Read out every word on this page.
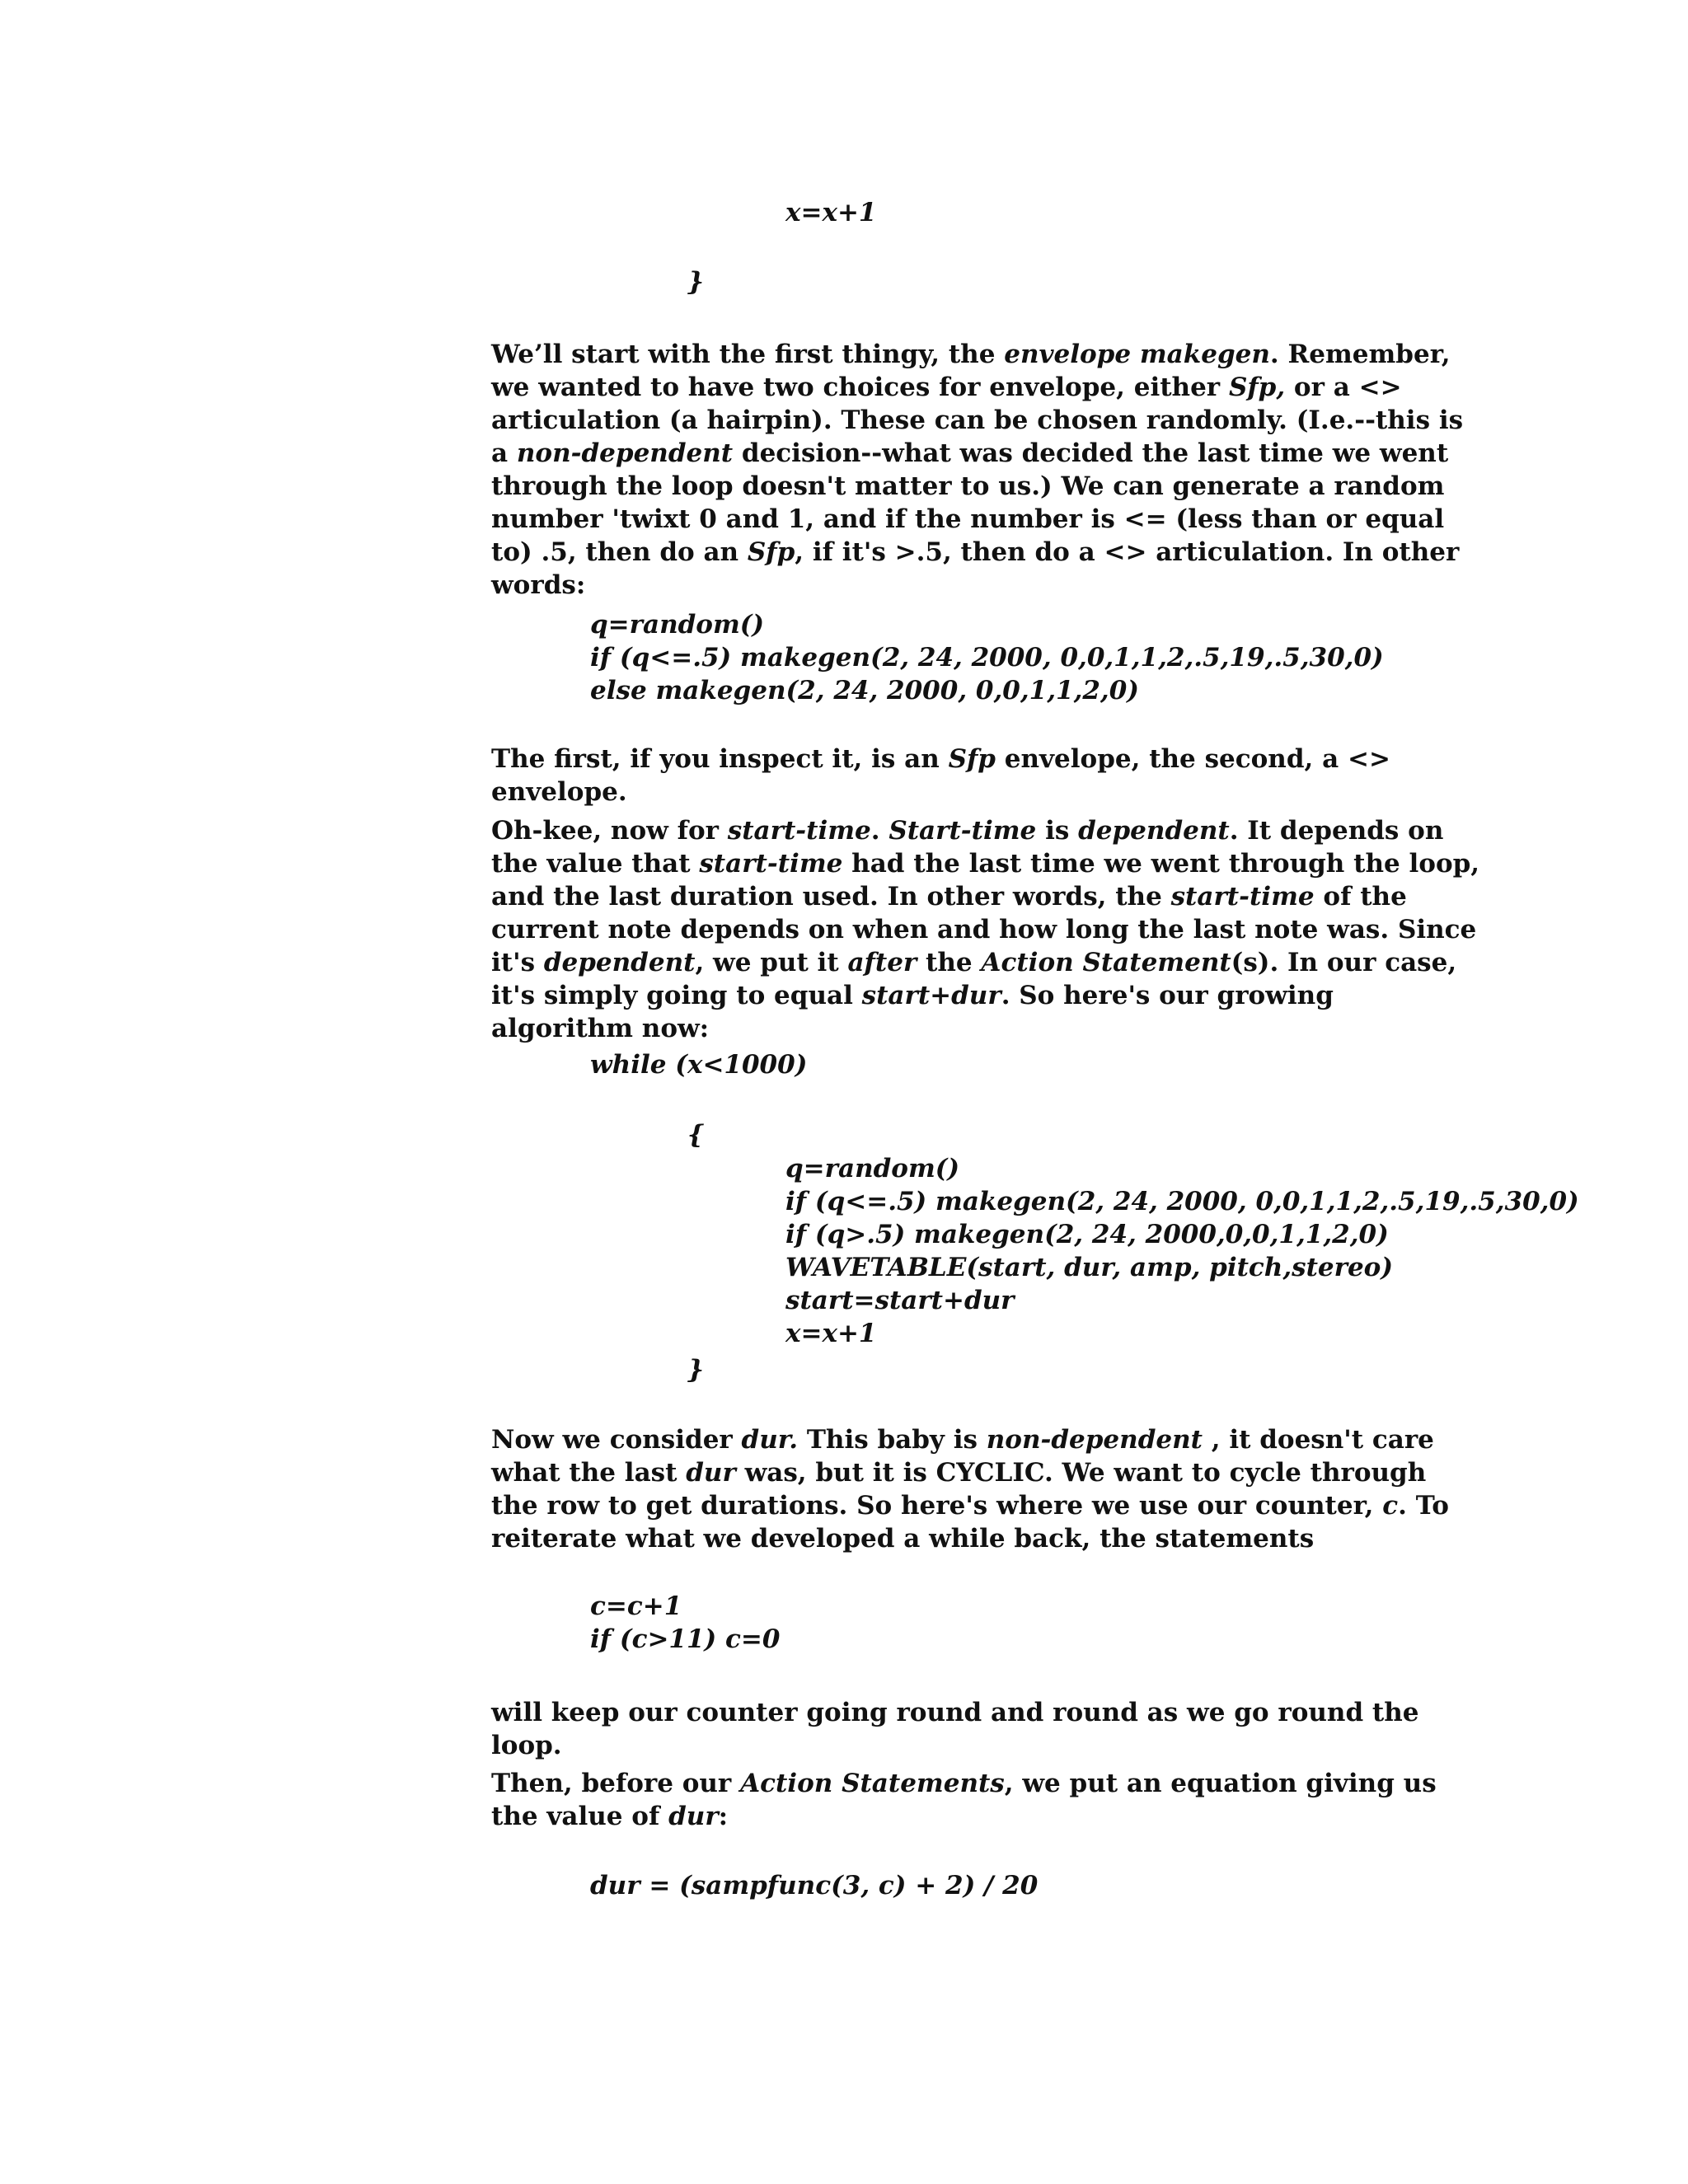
x=x+1
}

We’ll start with the first thingy, the envelope makegen. Remember, we wanted to have two choices for envelope, either Sfp, or a <> articulation (a hairpin). These can be chosen randomly. (I.e.--this is a non-dependent decision--what was decided the last time we went through the loop doesn't matter to us.) We can generate a random number 'twixt 0 and 1, and if the number is <= (less than or equal to) .5, then do an Sfp, if it's >.5, then do a <> articulation. In other words:

q=random()
if (q<=.5) makegen(2, 24, 2000, 0,0,1,1,2,.5,19,.5,30,0)
else makegen(2, 24, 2000, 0,0,1,1,2,0)

The first, if you inspect it, is an Sfp envelope, the second, a <> envelope.

Oh-kee, now for start-time. Start-time is dependent. It depends on the value that start-time had the last time we went through the loop, and the last duration used. In other words, the start-time of the current note depends on when and how long the last note was. Since it's dependent, we put it after the Action Statement(s). In our case, it's simply going to equal start+dur. So here's our growing algorithm now:

while (x<1000)
{
q=random()
if (q<=.5) makegen(2, 24, 2000, 0,0,1,1,2,.5,19,.5,30,0)
if (q>.5) makegen(2, 24, 2000,0,0,1,1,2,0)
WAVETABLE(start, dur, amp, pitch,stereo)
start=start+dur
x=x+1
}

Now we consider dur. This baby is non-dependent , it doesn't care what the last dur was, but it is CYCLIC. We want to cycle through the row to get durations. So here's where we use our counter, c. To reiterate what we developed a while back, the statements

c=c+1
if (c>11) c=0

will keep our counter going round and round as we go round the loop.

Then, before our Action Statements, we put an equation giving us the value of dur:

dur = (sampfunc(3, c) + 2) / 20
